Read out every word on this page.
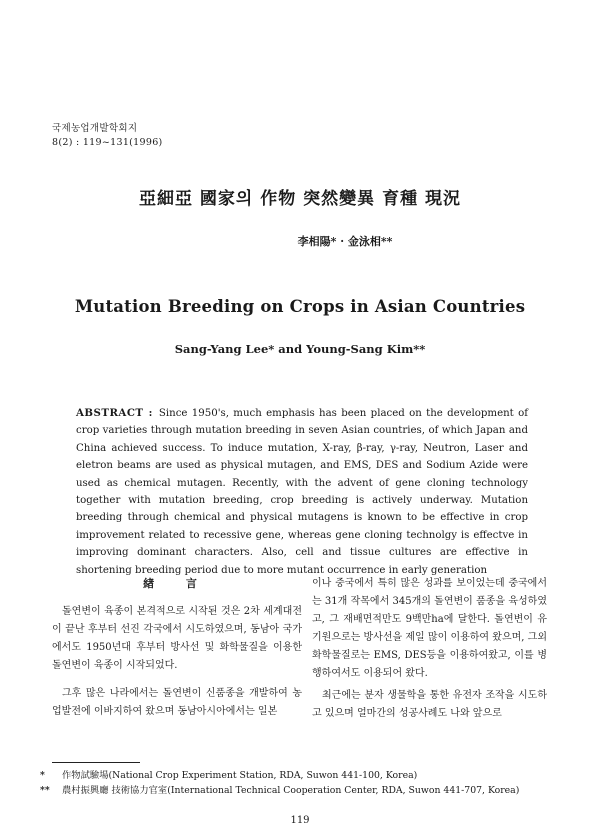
국제농업개발학회지
8(2) : 119~131(1996)
亞細亞 國家의 作物 突然變異 育種 現況
李相陽* · 金泳相**
Mutation Breeding on Crops in Asian Countries
Sang-Yang Lee* and Young-Sang Kim**
ABSTRACT : Since 1950's, much emphasis has been placed on the development of crop varieties through mutation breeding in seven Asian countries, of which Japan and China achieved success. To induce mutation, X-ray, β-ray, γ-ray, Neutron, Laser and eletron beams are used as physical mutagen, and EMS, DES and Sodium Azide were used as chemical mutagen. Recently, with the advent of gene cloning technology together with mutation breeding, crop breeding is actively underway. Mutation breeding through chemical and physical mutagens is known to be effective in crop improvement related to recessive gene, whereas gene cloning technolgy is effectve in improving dominant characters. Also, cell and tissue cultures are effective in shortening breeding period due to more mutant occurrence in early generation
緖 言

돌연변이 육종이 본격적으로 시작된 것은 2차 세계대전이 끝난 후부터 선진 각국에서 시도하였으며, 동남아 국가에서도 1950년대 후부터 방사선 및 화학물질을 이용한 돌연변이 육종이 시작되었다.

그후 많은 나라에서는 돌연변이 신품종을 개발하여 농업발전에 이바지하여 왔으며 동남아시아에서는 일본

이나 중국에서 특히 많은 성과를 보이었는데 중국에서는 31개 작목에서 345개의 돌연변이 품종을 육성하였고, 그 재배면적만도 9백만ha에 달한다. 돌연변이 유기원으로는 방사선을 제일 많이 이용하여 왔으며, 그외 화학물질로는 EMS, DES등을 이용하여왔고, 이를 병행하여서도 이용되어 왔다.

최근에는 분자 생물학을 통한 유전자 조작을 시도하고 있으며 얼마간의 성공사례도 나와 앞으로

* 作物試驗場(National Crop Experiment Station, RDA, Suwon 441-100, Korea)
** 農村振興廳 技術協力官室(International Technical Cooperation Center, RDA, Suwon 441-707, Korea)
119
